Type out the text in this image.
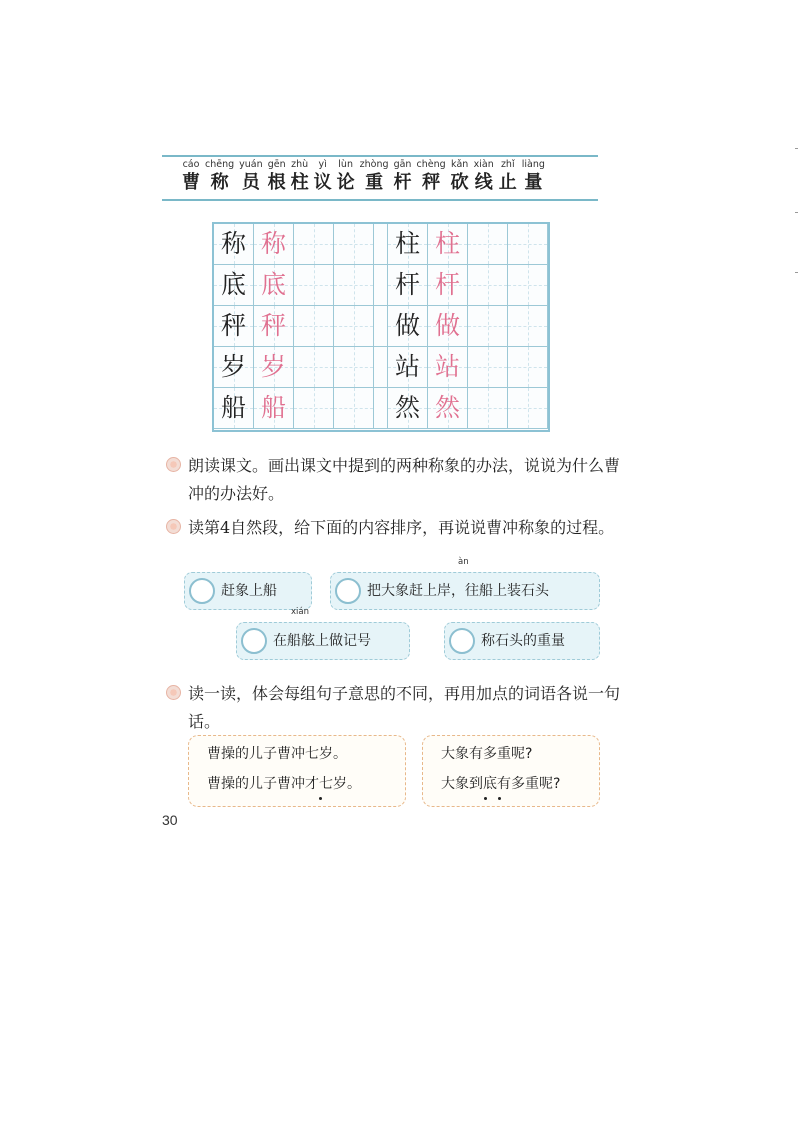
cáo
曹
chēng
称
yuán
员
gēn
根
zhù
柱
yì
议
lùn
论
zhòng
重
gān
杆
chèng
秤
kǎn
砍
xiàn
线
zhǐ
止
liàng
量
称 称	柱 柱
底 底	杆 杆
秤 秤	做 做
岁 岁	站 站
船 船	然 然
朗读课文。画出课文中提到的两种称象的办法，说说为什么曹冲的办法好。
读第4自然段，给下面的内容排序，再说说曹冲称象的过程。
赶象上船
àn
把大象赶上岸，往船上装石头
xián
在船舷上做记号	称石头的重量
读一读，体会每组句子意思的不同，再用加点的词语各说一句话。
曹操的儿子曹冲七岁。
曹操的儿子曹冲才七岁。
大象有多重呢?
大象到底有多重呢?
30
